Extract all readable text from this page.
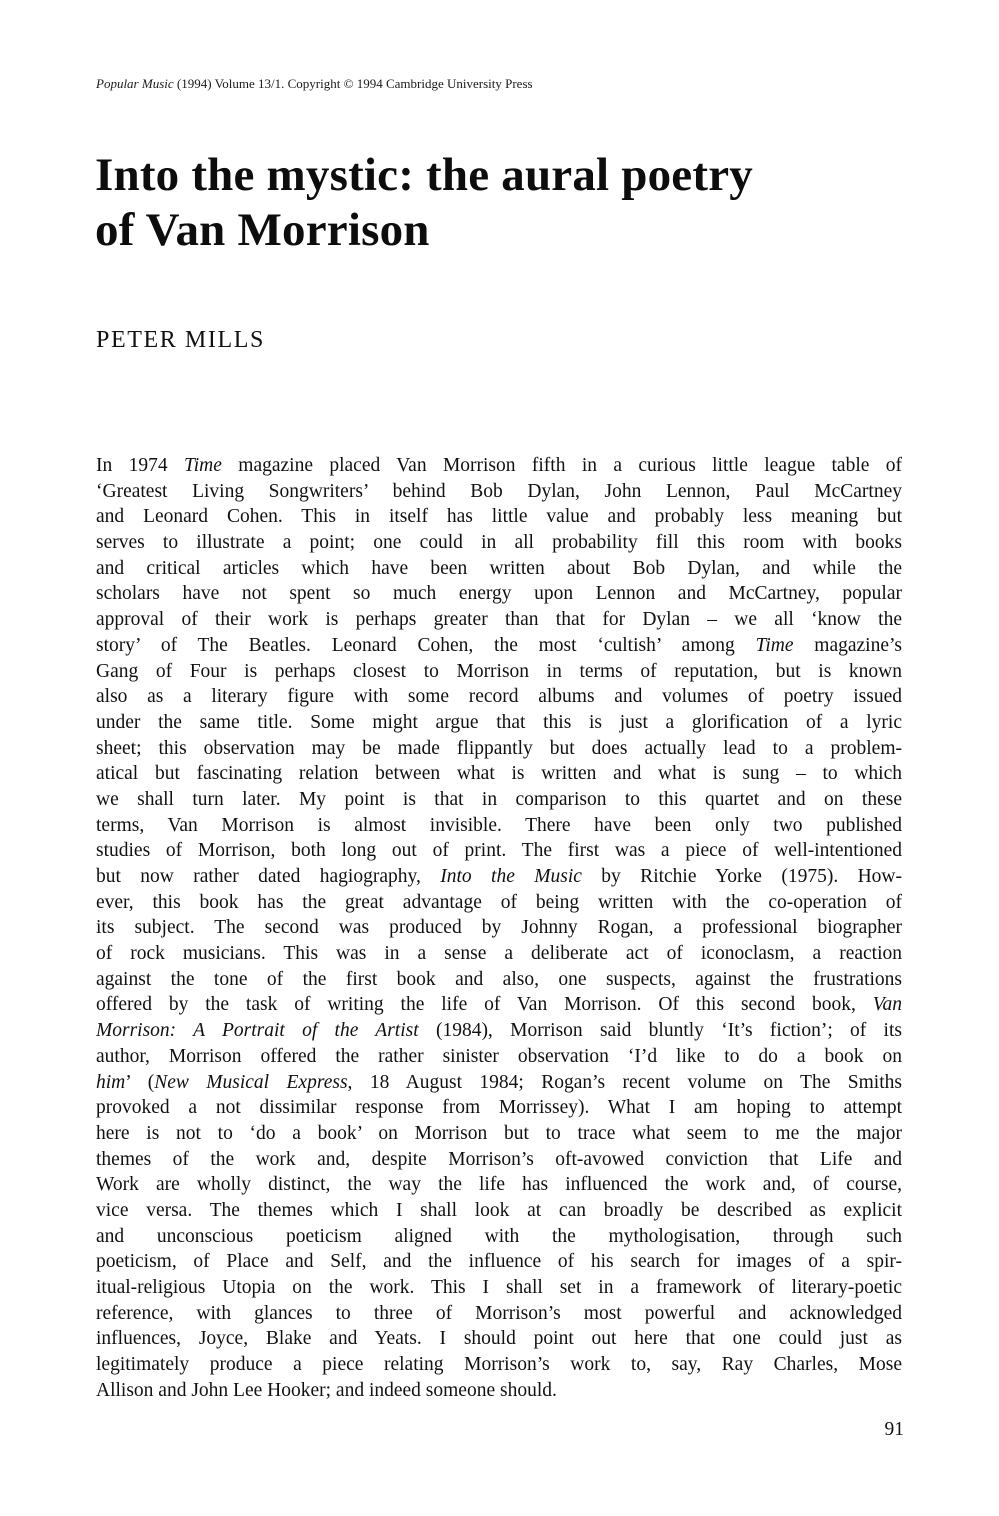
Popular Music (1994) Volume 13/1. Copyright © 1994 Cambridge University Press
Into the mystic: the aural poetry
of Van Morrison
PETER MILLS
In 1974 Time magazine placed Van Morrison fifth in a curious little league table of
‘Greatest Living Songwriters’ behind Bob Dylan, John Lennon, Paul McCartney
and Leonard Cohen. This in itself has little value and probably less meaning but
serves to illustrate a point; one could in all probability fill this room with books
and critical articles which have been written about Bob Dylan, and while the
scholars have not spent so much energy upon Lennon and McCartney, popular
approval of their work is perhaps greater than that for Dylan – we all ‘know the
story’ of The Beatles. Leonard Cohen, the most ‘cultish’ among Time magazine’s
Gang of Four is perhaps closest to Morrison in terms of reputation, but is known
also as a literary figure with some record albums and volumes of poetry issued
under the same title. Some might argue that this is just a glorification of a lyric
sheet; this observation may be made flippantly but does actually lead to a problem-
atical but fascinating relation between what is written and what is sung – to which
we shall turn later. My point is that in comparison to this quartet and on these
terms, Van Morrison is almost invisible. There have been only two published
studies of Morrison, both long out of print. The first was a piece of well-intentioned
but now rather dated hagiography, Into the Music by Ritchie Yorke (1975). How-
ever, this book has the great advantage of being written with the co-operation of
its subject. The second was produced by Johnny Rogan, a professional biographer
of rock musicians. This was in a sense a deliberate act of iconoclasm, a reaction
against the tone of the first book and also, one suspects, against the frustrations
offered by the task of writing the life of Van Morrison. Of this second book, Van
Morrison: A Portrait of the Artist (1984), Morrison said bluntly ‘It’s fiction’; of its
author, Morrison offered the rather sinister observation ‘I’d like to do a book on
him’ (New Musical Express, 18 August 1984; Rogan’s recent volume on The Smiths
provoked a not dissimilar response from Morrissey). What I am hoping to attempt
here is not to ‘do a book’ on Morrison but to trace what seem to me the major
themes of the work and, despite Morrison’s oft-avowed conviction that Life and
Work are wholly distinct, the way the life has influenced the work and, of course,
vice versa. The themes which I shall look at can broadly be described as explicit
and unconscious poeticism aligned with the mythologisation, through such
poeticism, of Place and Self, and the influence of his search for images of a spir-
itual-religious Utopia on the work. This I shall set in a framework of literary-poetic
reference, with glances to three of Morrison’s most powerful and acknowledged
influences, Joyce, Blake and Yeats. I should point out here that one could just as
legitimately produce a piece relating Morrison’s work to, say, Ray Charles, Mose
Allison and John Lee Hooker; and indeed someone should.
91
